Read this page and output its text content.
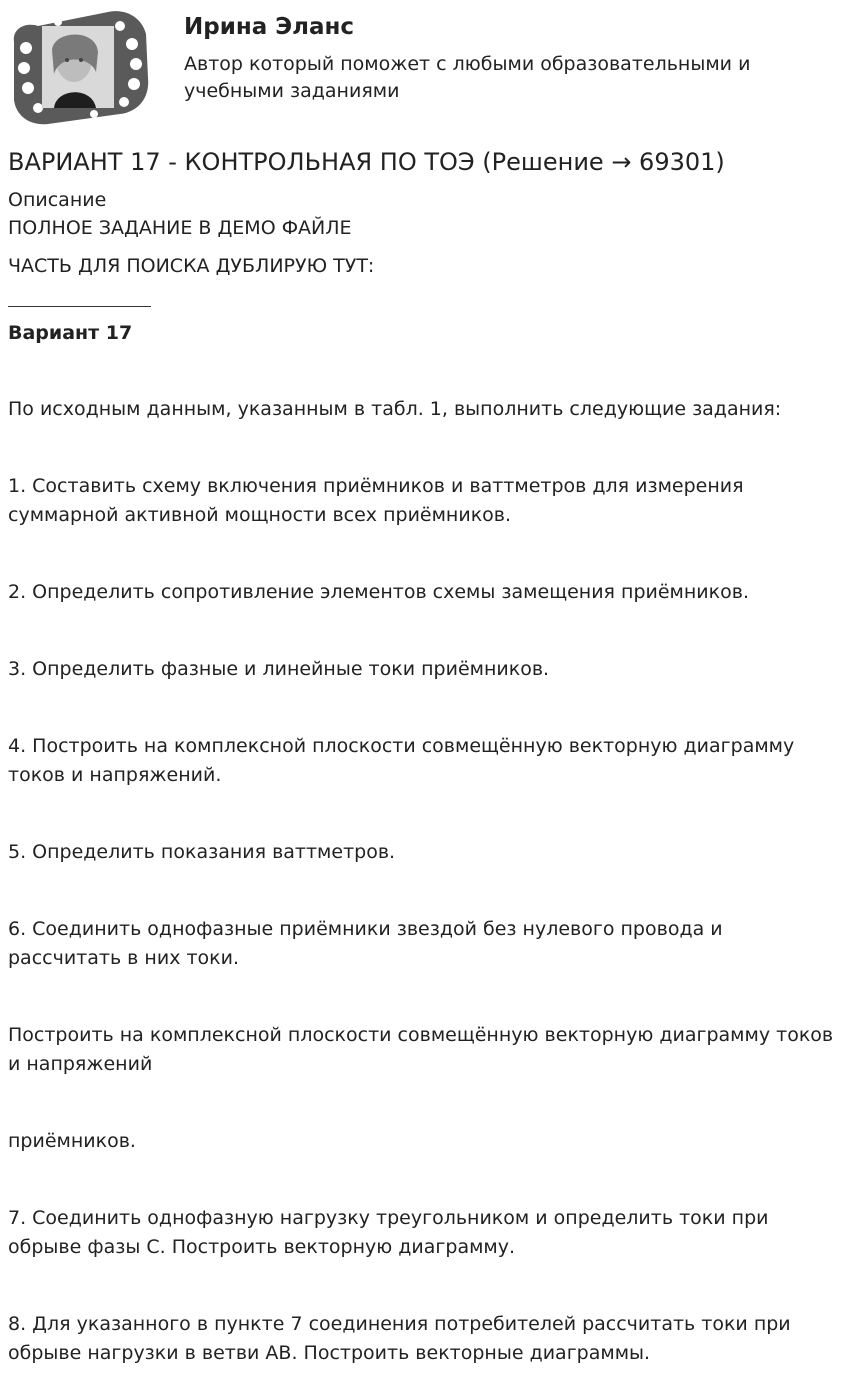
Ирина Эланс
Автор который поможет с любыми образовательными и учебными заданиями
ВАРИАНТ 17 - КОНТРОЛЬНАЯ ПО ТОЭ (Решение → 69301)

Описание

ПОЛНОЕ ЗАДАНИЕ В ДЕМО ФАЙЛЕ

ЧАСТЬ ДЛЯ ПОИСКА ДУБЛИРУЮ ТУТ:

Вариант 17

По исходным данным, указанным в табл. 1, выполнить следующие задания:

1. Составить схему включения приёмников и ваттметров для измерения суммарной активной мощности всех приёмников.

2. Определить сопротивление элементов схемы замещения приёмников.

3. Определить фазные и линейные токи приёмников.

4. Построить на комплексной плоскости совмещённую векторную диаграмму токов и напряжений.

5. Определить показания ваттметров.

6. Соединить однофазные приёмники звездой без нулевого провода и рассчитать в них токи.

Построить на комплексной плоскости совмещённую векторную диаграмму токов и напряжений

приёмников.

7. Соединить однофазную нагрузку треугольником и определить токи при обрыве фазы С. Построить векторную диаграмму.

8. Для указанного в пункте 7 соединения потребителей рассчитать токи при обрыве нагрузки в ветви АВ. Построить векторные диаграммы.
